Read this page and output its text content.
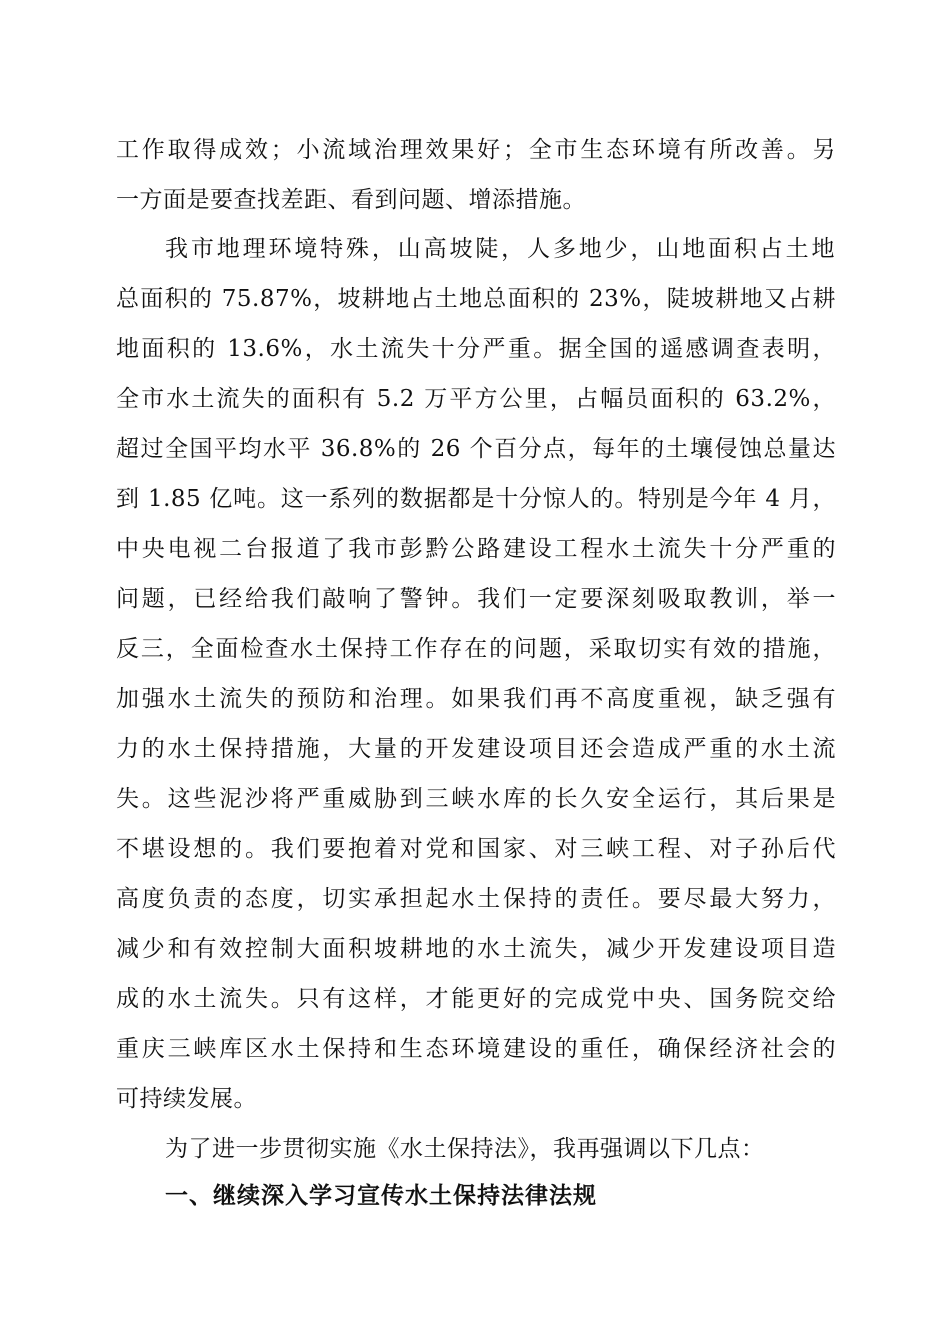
工作取得成效；小流域治理效果好；全市生态环境有所改善。另
一方面是要查找差距、看到问题、增添措施。
我市地理环境特殊，山高坡陡，人多地少，山地面积占土地
总面积的 75.87%，坡耕地占土地总面积的 23%，陡坡耕地又占耕
地面积的 13.6%，水土流失十分严重。据全国的遥感调查表明，
全市水土流失的面积有 5.2 万平方公里，占幅员面积的 63.2%，
超过全国平均水平 36.8%的 26 个百分点，每年的土壤侵蚀总量达
到 1.85 亿吨。这一系列的数据都是十分惊人的。特别是今年 4 月，
中央电视二台报道了我市彭黔公路建设工程水土流失十分严重的
问题，已经给我们敲响了警钟。我们一定要深刻吸取教训，举一
反三，全面检查水土保持工作存在的问题，采取切实有效的措施，
加强水土流失的预防和治理。如果我们再不高度重视，缺乏强有
力的水土保持措施，大量的开发建设项目还会造成严重的水土流
失。这些泥沙将严重威胁到三峡水库的长久安全运行，其后果是
不堪设想的。我们要抱着对党和国家、对三峡工程、对子孙后代
高度负责的态度，切实承担起水土保持的责任。要尽最大努力，
减少和有效控制大面积坡耕地的水土流失，减少开发建设项目造
成的水土流失。只有这样，才能更好的完成党中央、国务院交给
重庆三峡库区水土保持和生态环境建设的重任，确保经济社会的
可持续发展。
为了进一步贯彻实施《水土保持法》，我再强调以下几点：
一、继续深入学习宣传水土保持法律法规
